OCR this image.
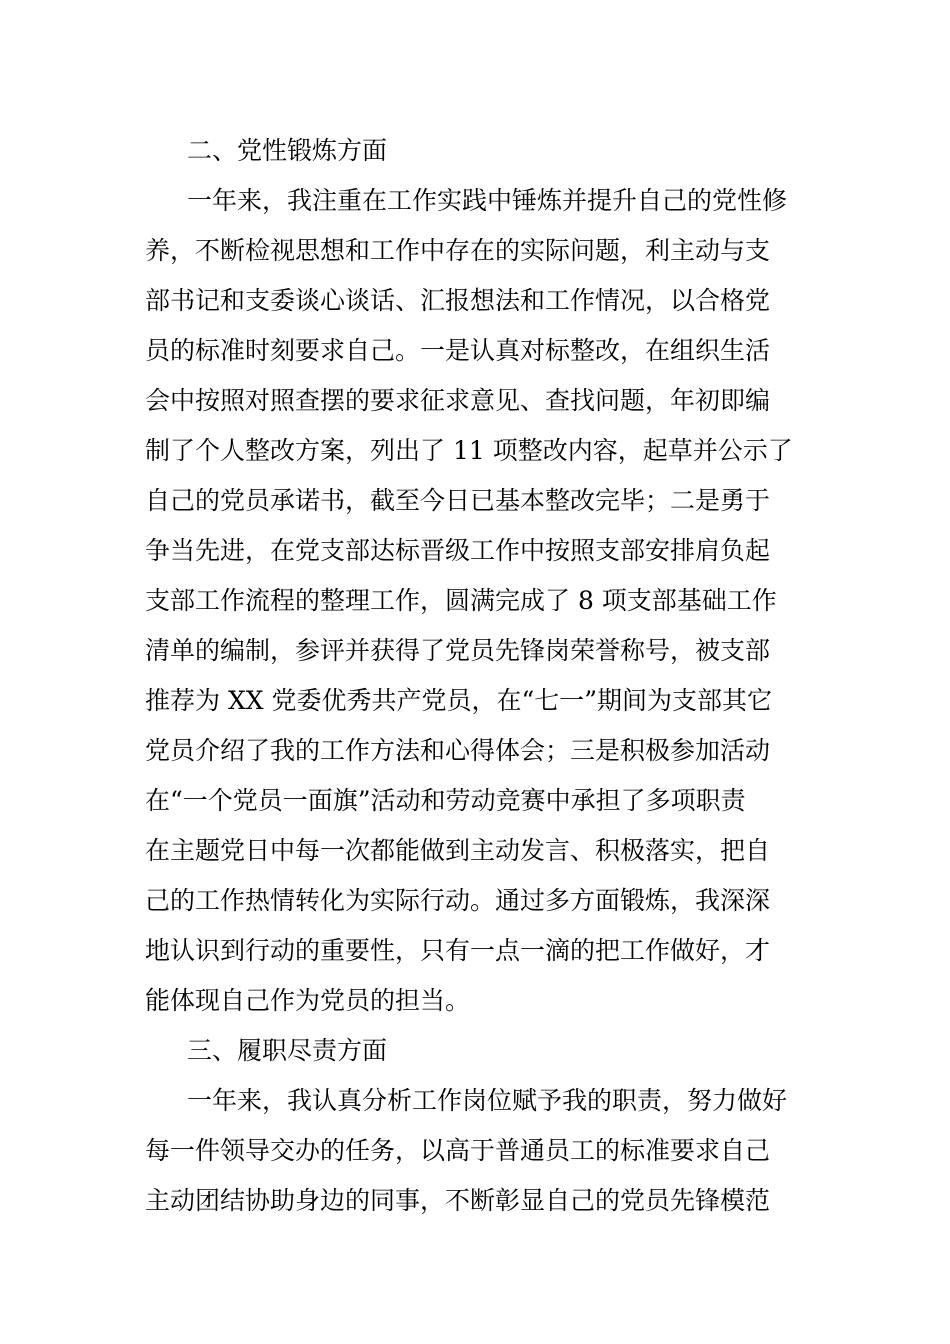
二、党性锻炼方面

一年来，我注重在工作实践中锤炼并提升自己的党性修

养，不断检视思想和工作中存在的实际问题，利主动与支

部书记和支委谈心谈话、汇报想法和工作情况，以合格党

员的标准时刻要求自己。一是认真对标整改，在组织生活

会中按照对照查摆的要求征求意见、查找问题，年初即编

制了个人整改方案，列出了 11 项整改内容，起草并公示了

自己的党员承诺书，截至今日已基本整改完毕；二是勇于

争当先进，在党支部达标晋级工作中按照支部安排肩负起

支部工作流程的整理工作，圆满完成了 8 项支部基础工作

清单的编制，参评并获得了党员先锋岗荣誉称号，被支部

推荐为 XX 党委优秀共产党员，在“七一”期间为支部其它

党员介绍了我的工作方法和心得体会；三是积极参加活动

在“一个党员一面旗”活动和劳动竞赛中承担了多项职责

在主题党日中每一次都能做到主动发言、积极落实，把自

己的工作热情转化为实际行动。通过多方面锻炼，我深深

地认识到行动的重要性，只有一点一滴的把工作做好，才

能体现自己作为党员的担当。

三、履职尽责方面

一年来，我认真分析工作岗位赋予我的职责，努力做好

每一件领导交办的任务，以高于普通员工的标准要求自己

主动团结协助身边的同事，不断彰显自己的党员先锋模范
